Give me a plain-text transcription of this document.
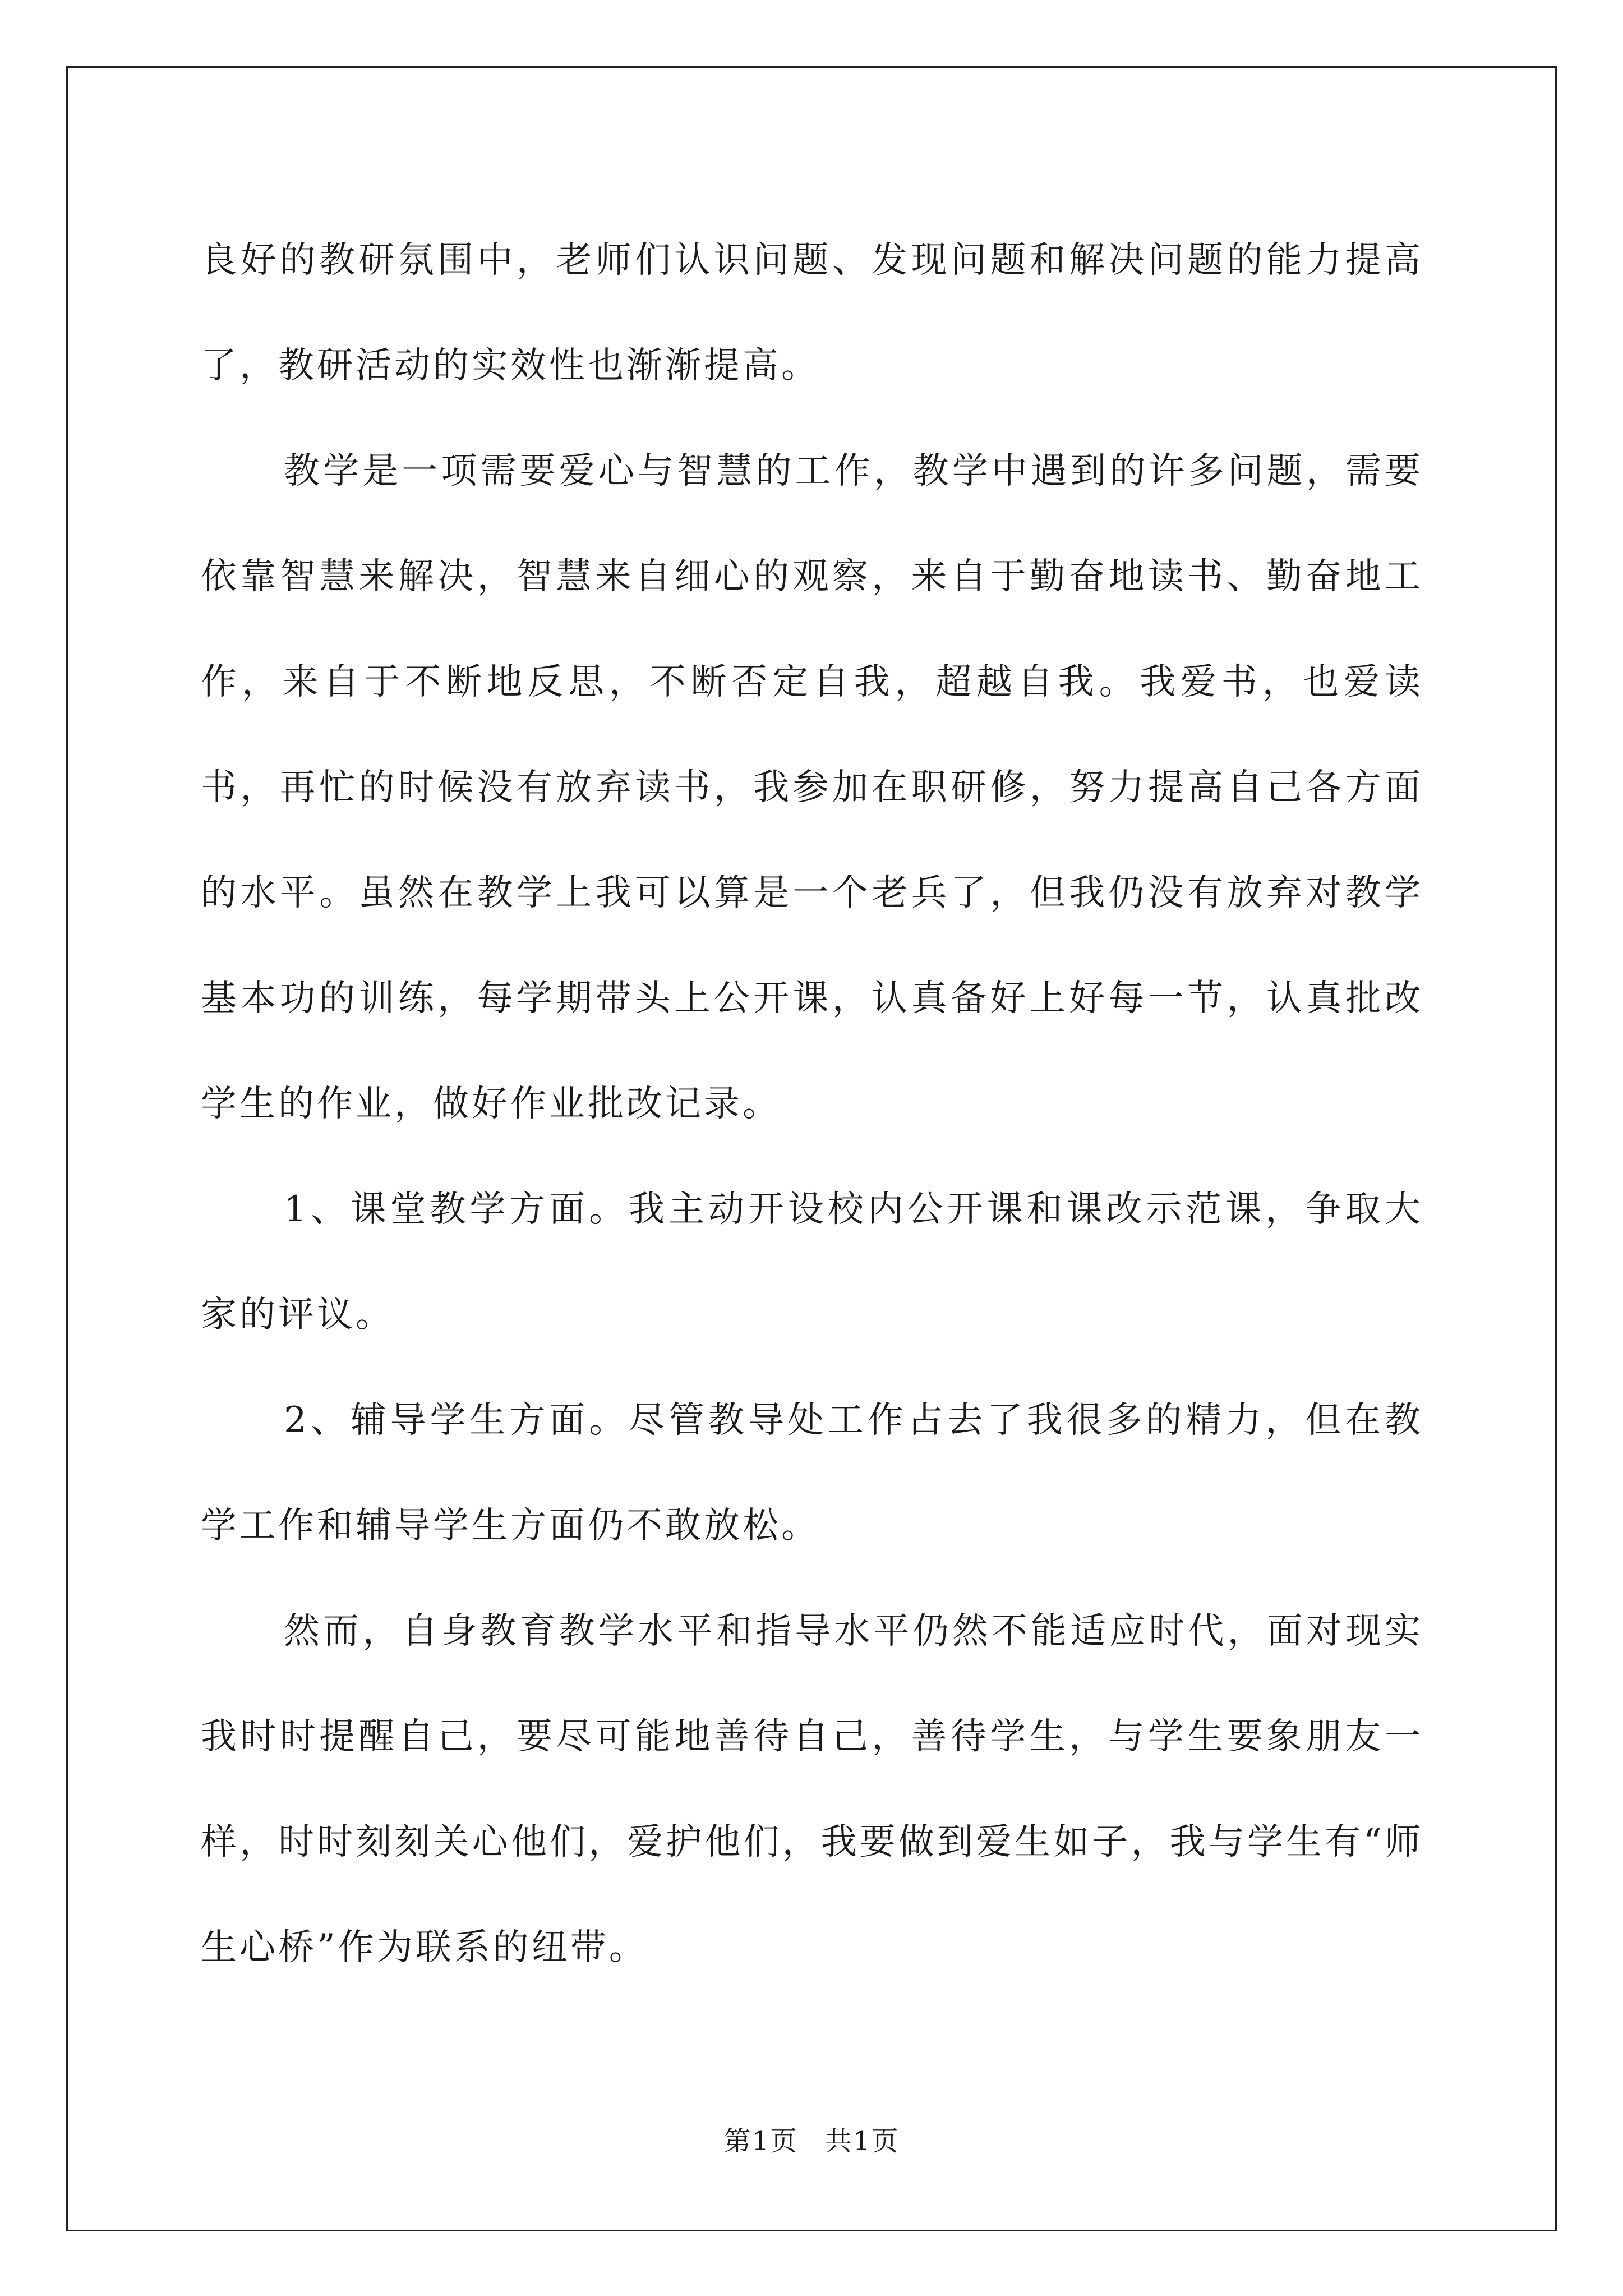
良好的教研氛围中，老师们认识问题、发现问题和解决问题的能力提高了，教研活动的实效性也渐渐提高。

教学是一项需要爱心与智慧的工作，教学中遇到的许多问题，需要依靠智慧来解决，智慧来自细心的观察，来自于勤奋地读书、勤奋地工作，来自于不断地反思，不断否定自我，超越自我。我爱书，也爱读书，再忙的时候没有放弃读书，我参加在职研修，努力提高自己各方面的水平。虽然在教学上我可以算是一个老兵了，但我仍没有放弃对教学基本功的训练，每学期带头上公开课，认真备好上好每一节，认真批改学生的作业，做好作业批改记录。

1、课堂教学方面。我主动开设校内公开课和课改示范课，争取大家的评议。

2、辅导学生方面。尽管教导处工作占去了我很多的精力，但在教学工作和辅导学生方面仍不敢放松。

然而，自身教育教学水平和指导水平仍然不能适应时代，面对现实我时时提醒自己，要尽可能地善待自己，善待学生，与学生要象朋友一样，时时刻刻关心他们，爱护他们，我要做到爱生如子，我与学生有“师生心桥”作为联系的纽带。

第1页 共1页
